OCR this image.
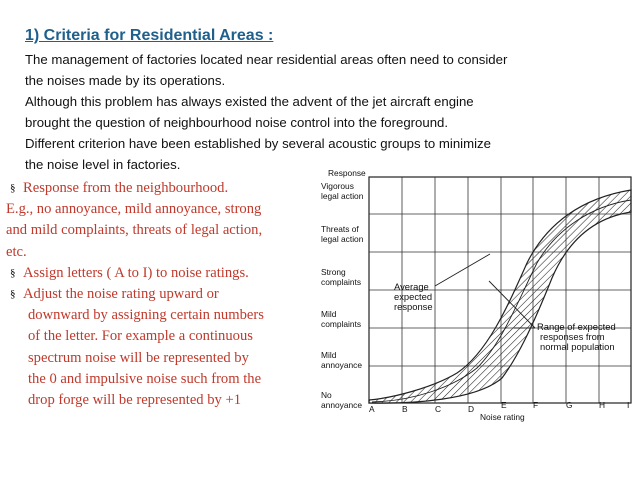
1) Criteria for Residential Areas :
The management of factories located near residential areas often need to consider
the noises made by its operations.
Although this problem has always existed the advent of the jet aircraft engine
brought the question of neighbourhood noise control into the foreground.
Different criterion have been established by several acoustic groups to minimize
the noise level in factories.
§ Response from the neighbourhood.
E.g., no annoyance, mild annoyance, strong
and mild complaints, threats of legal action,
etc.
§ Assign letters ( A to I) to noise ratings.
§ Adjust the noise rating upward or
downward by assigning certain numbers
of the letter. For example a continuous
spectrum noise will be represented by
the 0 and impulsive noise such from the
drop forge will be represented by +1
Response
Vigorous
legal action
Threats of
legal action
Strong
complaints
Mild
complaints
Mild
annoyance
No
annoyance A	B	C	D	E	F	G	H	I
Noise rating
Average
expected
response
Range of expected
responses from
normal population
